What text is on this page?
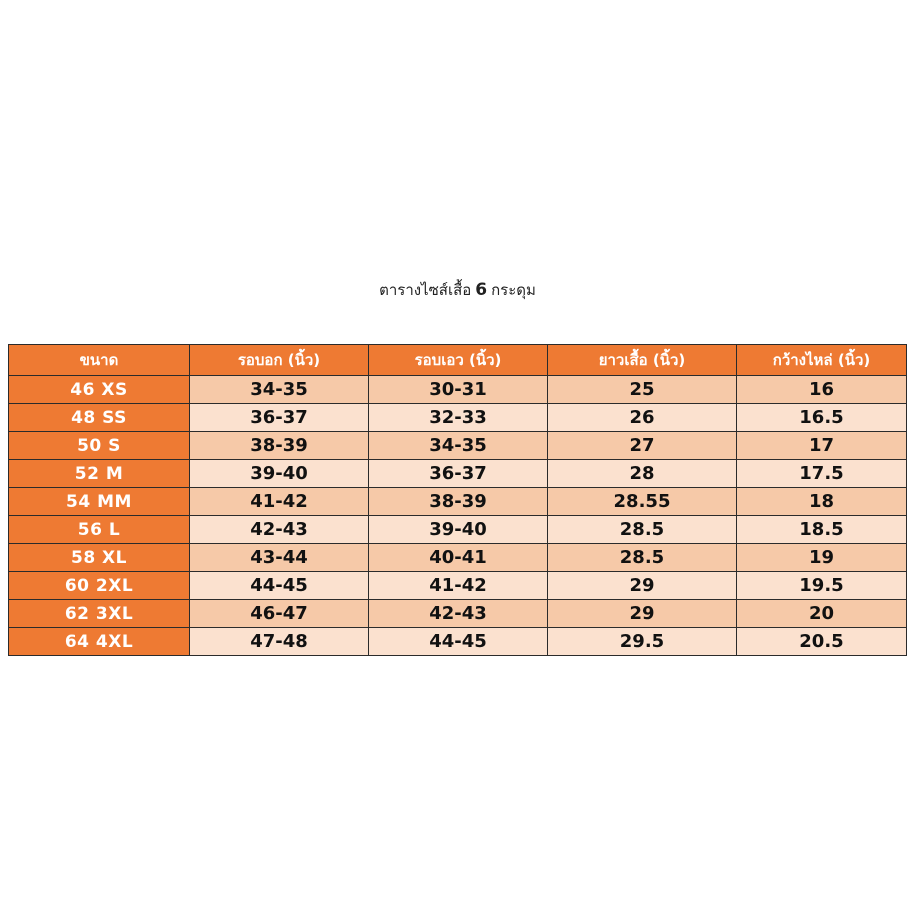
ตารางไซส์เสื้อ 6 กระดุม
ขนาด	รอบอก (นิ้ว)	รอบเอว (นิ้ว)	ยาวเสื้อ (นิ้ว)	กว้างไหล่ (นิ้ว)
46 XS	34-35	30-31	25	16
48 SS	36-37	32-33	26	16.5
50 S	38-39	34-35	27	17
52 M	39-40	36-37	28	17.5
54 MM	41-42	38-39	28.55	18
56 L	42-43	39-40	28.5	18.5
58 XL	43-44	40-41	28.5	19
60 2XL	44-45	41-42	29	19.5
62 3XL	46-47	42-43	29	20
64 4XL	47-48	44-45	29.5	20.5
